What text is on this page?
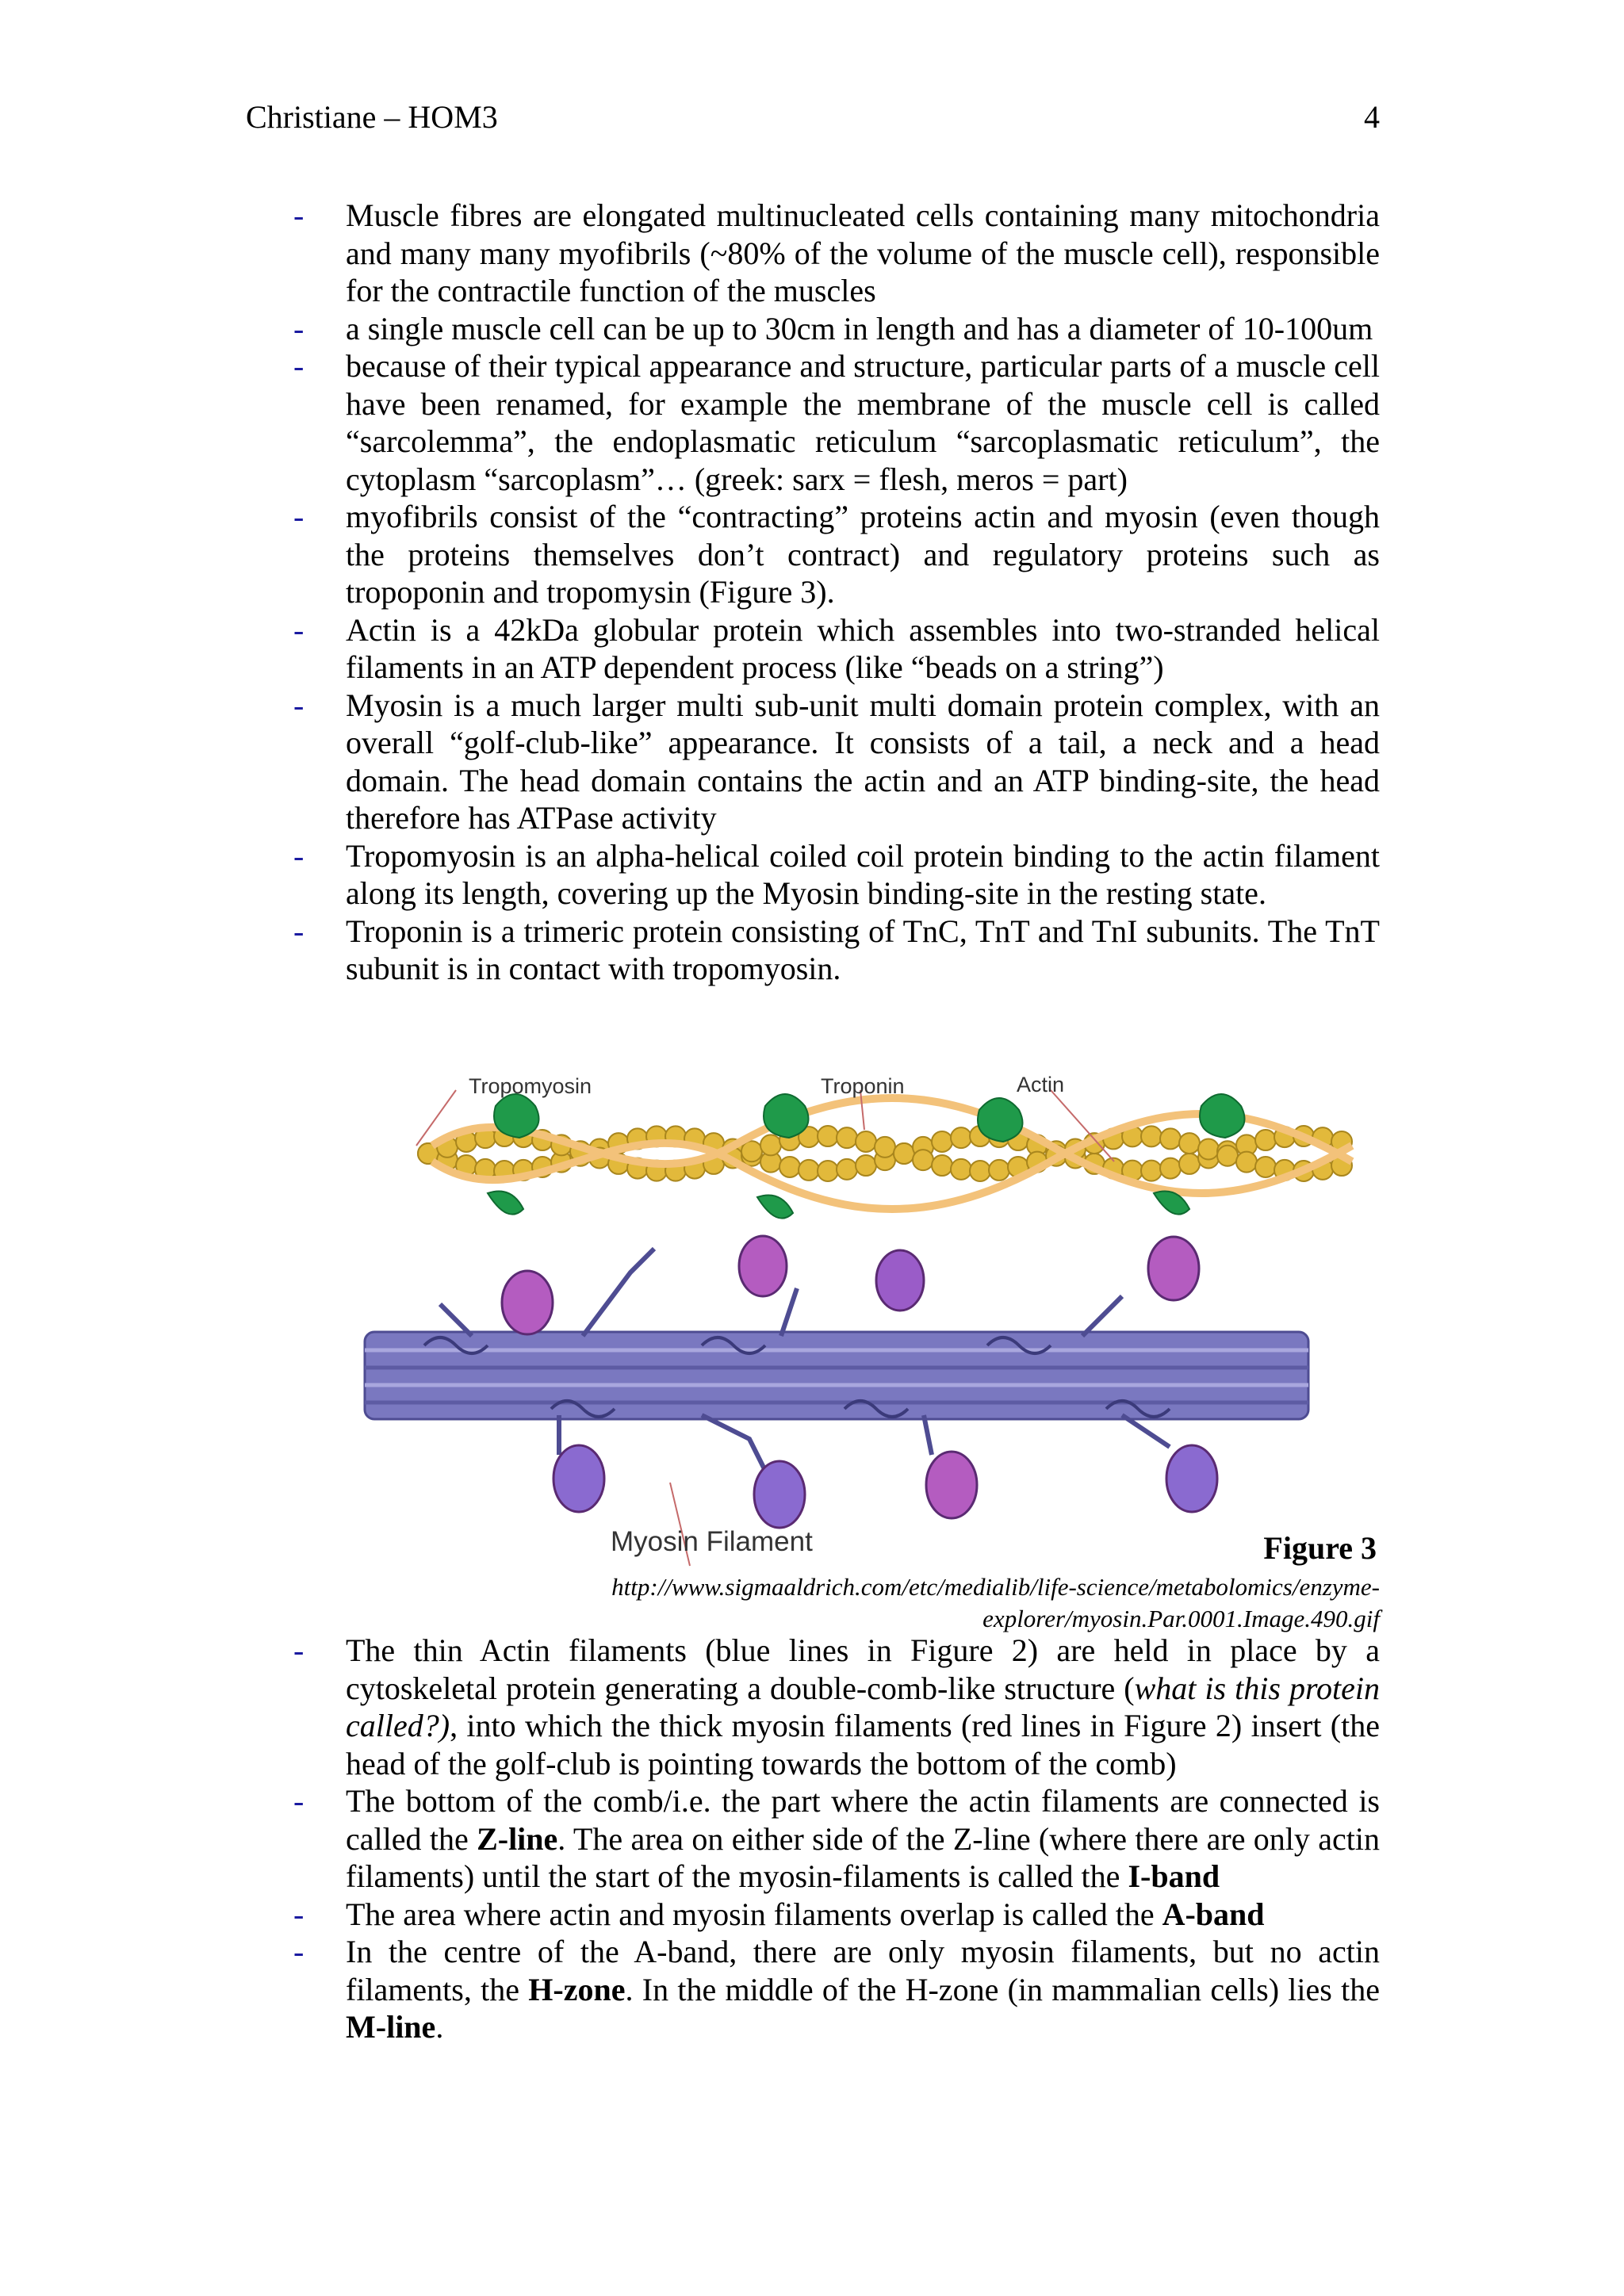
Christiane – HOM3	4
- Muscle fibres are elongated multinucleated cells containing many mitochondria and many many myofibrils (~80% of the volume of the muscle cell), responsible for the contractile function of the muscles
- a single muscle cell can be up to 30cm in length and has a diameter of 10-100um
- because of their typical appearance and structure, particular parts of a muscle cell have been renamed, for example the membrane of the muscle cell is called “sarcolemma”, the endoplasmatic reticulum “sarcoplasmatic reticulum”, the cytoplasm “sarcoplasm”… (greek: sarx = flesh, meros = part)
- myofibrils consist of the “contracting” proteins actin and myosin (even though the proteins themselves don’t contract) and regulatory proteins such as tropoponin and tropomysin (Figure 3).
- Actin is a 42kDa globular protein which assembles into two-stranded helical filaments in an ATP dependent process (like “beads on a string”)
- Myosin is a much larger multi sub-unit multi domain protein complex, with an overall “golf-club-like” appearance. It consists of a tail, a neck and a head domain. The head domain contains the actin and an ATP binding-site, the head therefore has ATPase activity
- Tropomyosin is an alpha-helical coiled coil protein binding to the actin filament along its length, covering up the Myosin binding-site in the resting state.
- Troponin is a trimeric protein consisting of TnC, TnT and TnI subunits. The TnT subunit is in contact with tropomyosin.
Tropomyosin	Troponin	Actin
Myosin Filament	Figure 3
http://www.sigmaaldrich.com/etc/medialib/life-science/metabolomics/enzyme-explorer/myosin.Par.0001.Image.490.gif
- The thin Actin filaments (blue lines in Figure 2) are held in place by a cytoskeletal protein generating a double-comb-like structure (what is this protein called?), into which the thick myosin filaments (red lines in Figure 2) insert (the head of the golf-club is pointing towards the bottom of the comb)
- The bottom of the comb/i.e. the part where the actin filaments are connected is called the Z-line. The area on either side of the Z-line (where there are only actin filaments) until the start of the myosin-filaments is called the I-band
- The area where actin and myosin filaments overlap is called the A-band
- In the centre of the A-band, there are only myosin filaments, but no actin filaments, the H-zone. In the middle of the H-zone (in mammalian cells) lies the M-line.
